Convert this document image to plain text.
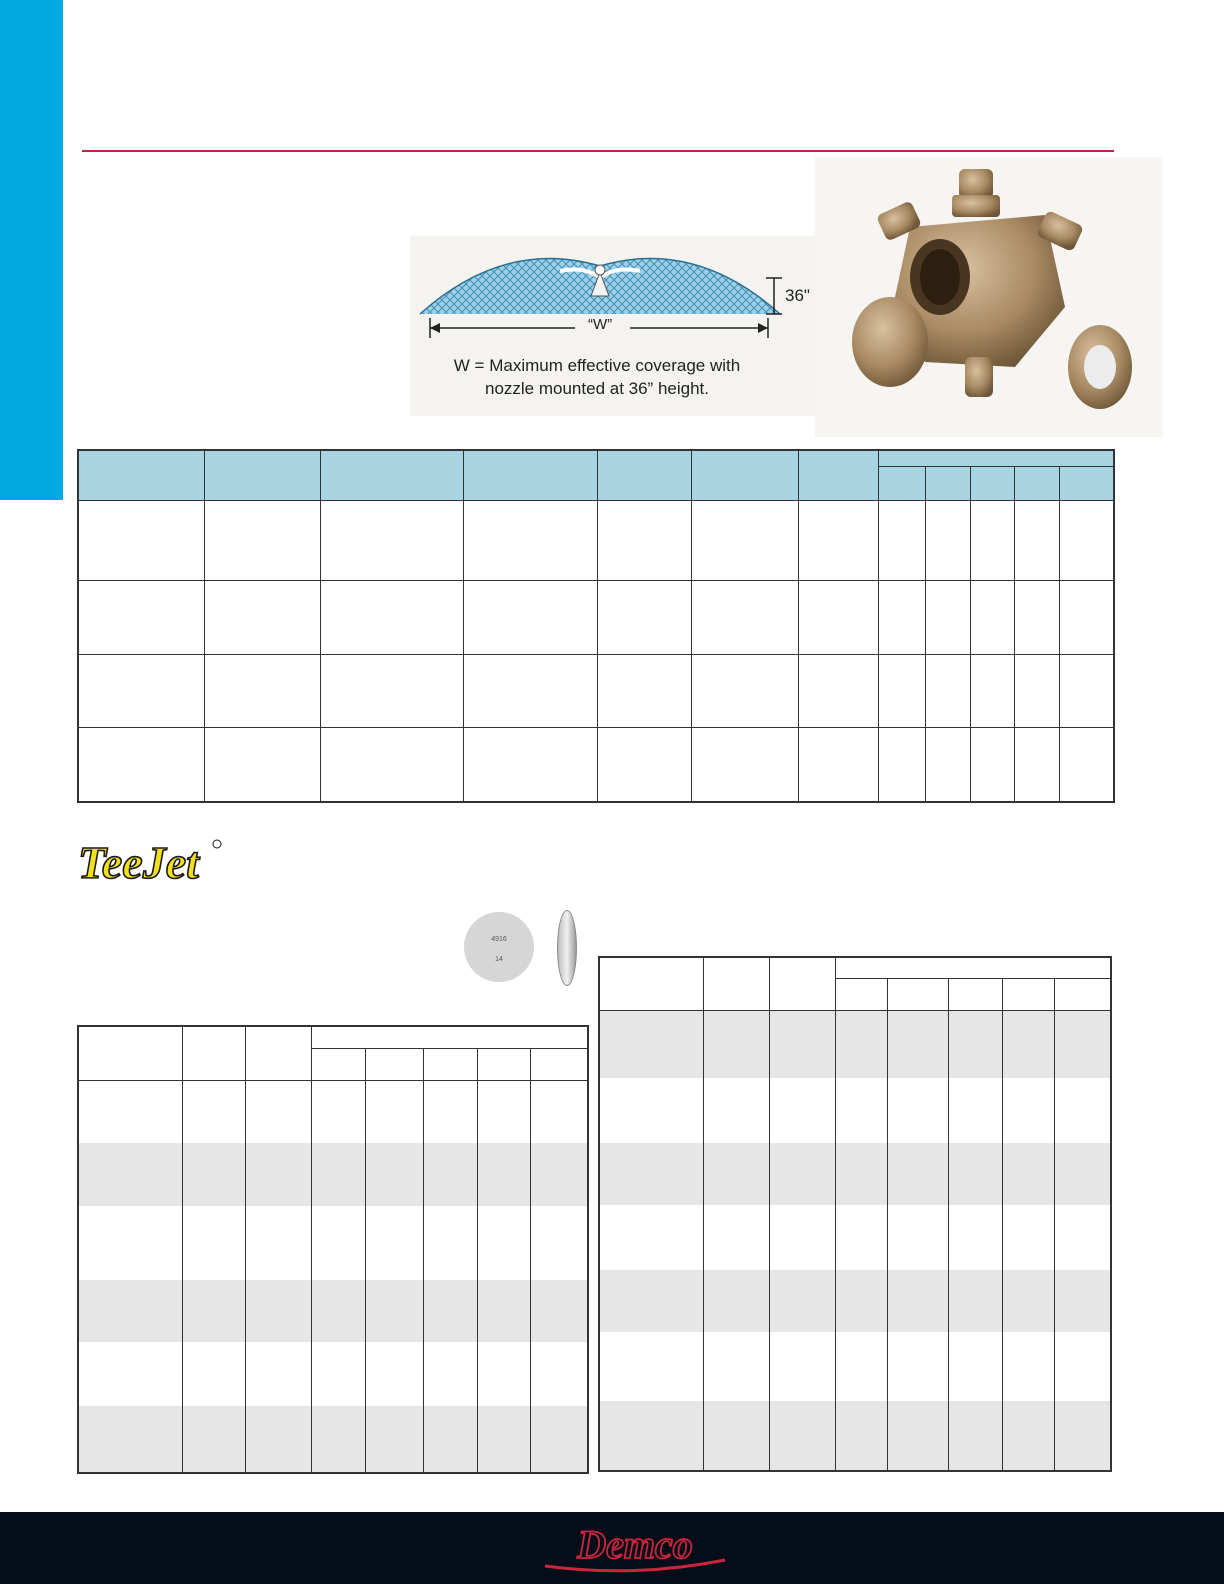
36"
“W”
W = Maximum effective coverage with
nozzle mounted at 36” height.

TeeJet
4916
14

Demco
